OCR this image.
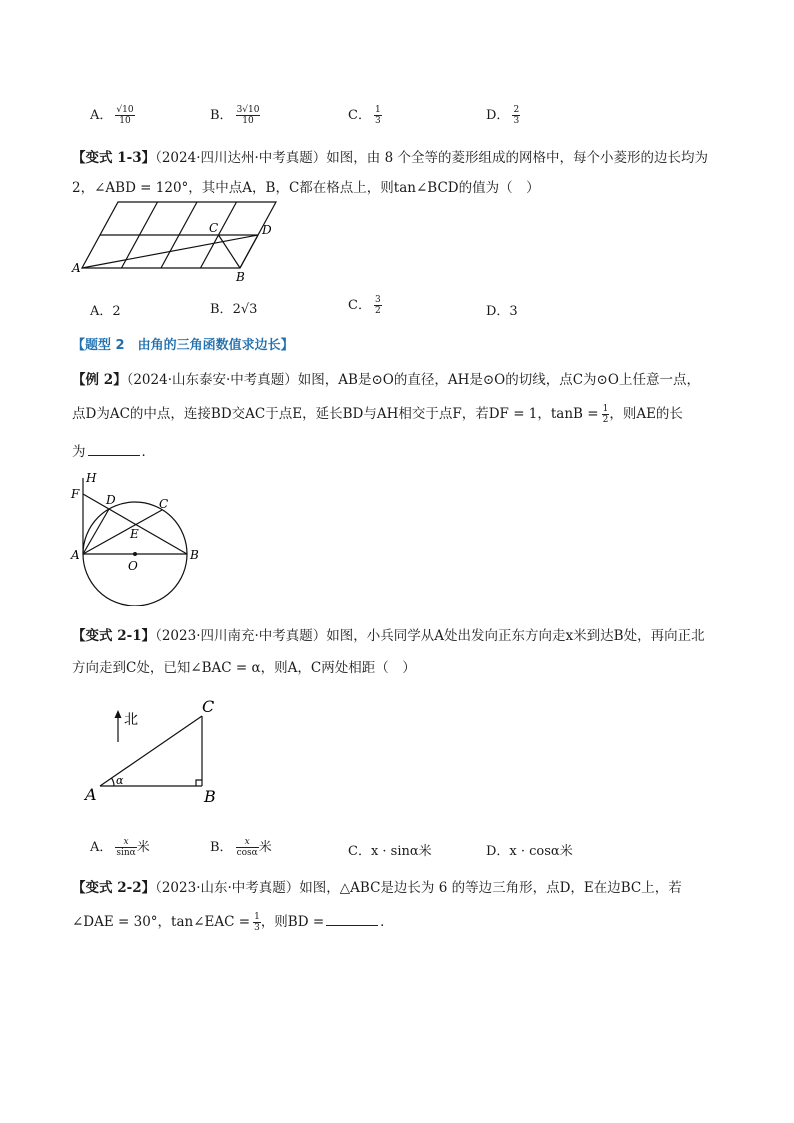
A． $\frac{√10}{10}$	B． $\frac{3√10}{10}$	C． $\frac{1}{3}$	D． $\frac{2}{3}$
【变式 1-3】（2024·四川达州·中考真题）如图，由 8 个全等的菱形组成的网格中，每个小菱形的边长均为
2，∠ABD = 120°，其中点A，B，C都在格点上，则tan∠BCD的值为（　）
A
B
C	D
A．2	B．2√3	C． $\frac{3}{2}$	D．3
【题型 2　由角的三角函数值求边长】
【例 2】（2024·山东泰安·中考真题）如图，AB是⊙O的直径，AH是⊙O的切线，点C为⊙O上任意一点，
点D为AC的中点，连接BD交AC于点E，延长BD与AH相交于点F，若DF = 1，$\tan B = \frac{1}{2}$ ，则AE的长
为	．
H
F D	C
E
A
O
B
【变式 2-1】（2023·四川南充·中考真题）如图，小兵同学从A处出发向正东方向走x米到达B处，再向正北
方向走到C处，已知∠BAC = α，则A，C两处相距（　）
北
A	B
C
α
A． $\frac{x}{\sin\alpha}$ 米	B． $\frac{x}{\cos\alpha}$ 米	C．x · sinα米	D．x · cosα米
【变式 2-2】（2023·山东·中考真题）如图，△ABC是边长为 6 的等边三角形，点D，E在边BC上，若
∠DAE = 30°，tan∠EAC = $\frac{1}{3}$ ，则BD =	．
